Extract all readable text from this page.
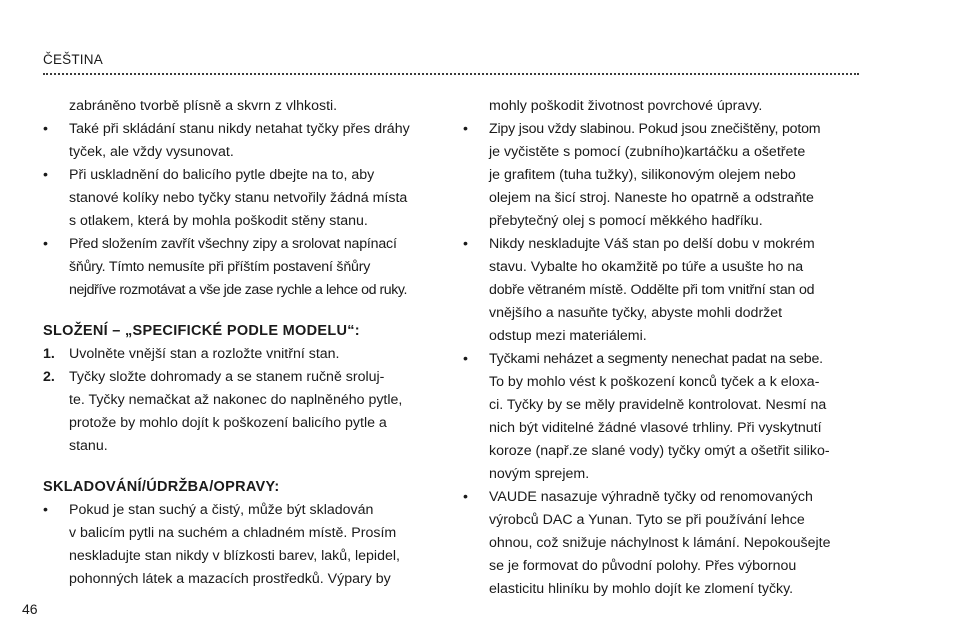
ČEŠTINA
zabráněno tvorbě plísně a skvrn z vlhkosti.
•	Také při skládání stanu nikdy netahat tyčky přes dráhy
tyček, ale vždy vysunovat.
•	Při uskladnění do balicího pytle dbejte na to, aby
stanové kolíky nebo tyčky stanu netvořily žádná místa
s otlakem, která by mohla poškodit stěny stanu.
•	Před složením zavřít všechny zipy a srolovat napínací
šňůry. Tímto nemusíte při příštím postavení šňůry
nejdříve rozmotávat a vše jde zase rychle a lehce od ruky.
SLOŽENÍ – „SPECIFICKÉ PODLE MODELU“:
1. Uvolněte vnější stan a rozložte vnitřní stan.
2. Tyčky složte dohromady a se stanem ručně sroluj-
te. Tyčky nemačkat až nakonec do naplněného pytle,
protože by mohlo dojít k poškození balicího pytle a
stanu.
SKLADOVÁNÍ/ÚDRŽBA/OPRAVY:
•	Pokud je stan suchý a čistý, může být skladován
v balicím pytli na suchém a chladném místě. Prosím
neskladujte stan nikdy v blízkosti barev, laků, lepidel,
pohonných látek a mazacích prostředků. Výpary by
mohly poškodit životnost povrchové úpravy.
•	Zipy jsou vždy slabinou. Pokud jsou znečištěny, potom
je vyčistěte s pomocí (zubního)kartáčku a ošetřete
je grafitem (tuha tužky), silikonovým olejem nebo
olejem na šicí stroj. Naneste ho opatrně a odstraňte
přebytečný olej s pomocí měkkého hadříku.
•	Nikdy neskladujte Váš stan po delší dobu v mokrém
stavu. Vybalte ho okamžitě po túře a usušte ho na
dobře větraném místě. Oddělte při tom vnitřní stan od
vnějšího a nasuňte tyčky, abyste mohli dodržet
odstup mezi materiálemi.
•	Tyčkami neházet a segmenty nenechat padat na sebe.
To by mohlo vést k poškození konců tyček a k eloxa-
ci. Tyčky by se měly pravidelně kontrolovat. Nesmí na
nich být viditelné žádné vlasové trhliny. Při vyskytnutí
koroze (např.ze slané vody) tyčky omýt a ošetřit siliko-
novým sprejem.
•	VAUDE nasazuje výhradně tyčky od renomovaných
výrobců DAC a Yunan. Tyto se při používání lehce
ohnou, což snižuje náchylnost k lámání. Nepokoušejte
se je formovat do původní polohy. Přes výbornou
elasticitu hliníku by mohlo dojít ke zlomení tyčky.
46
